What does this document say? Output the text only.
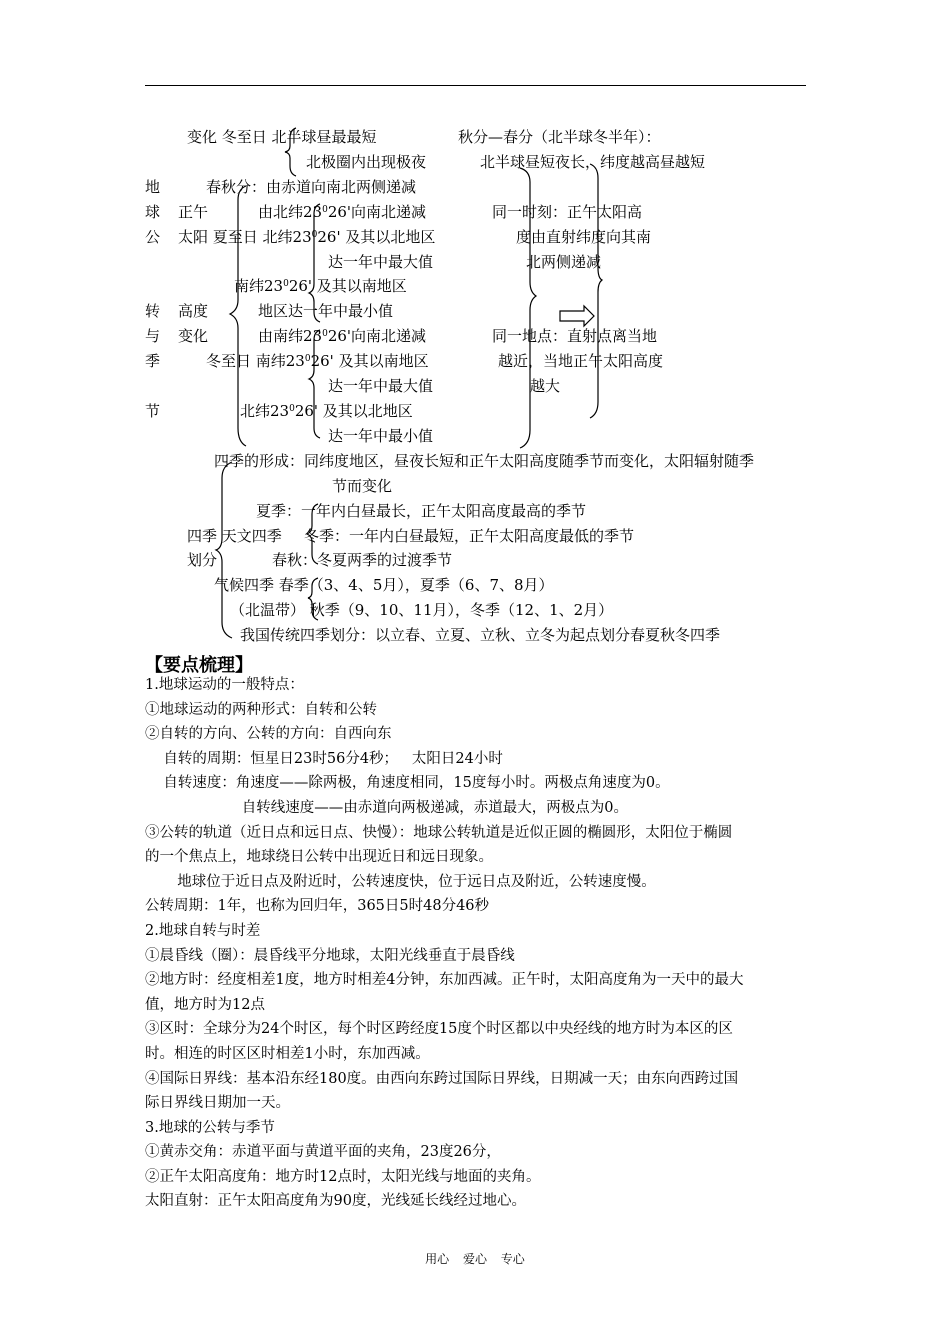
变化 冬至日 北半球昼最最短	秋分—春分（北半球冬半年）：
北极圈内出现极夜	北半球昼短夜长，纬度越高昼越短
地	春秋分：由赤道向南北两侧递减
球 正午	由北纬$23^026'$向南北递减	同一时刻：正午太阳高
公 太阳 夏至日 北纬$23^026'$ 及其以北地区	度由直射纬度向其南
达一年中最大值	北两侧递减
南纬$23^026'$ 及其以南地区
转 高度	地区达一年中最小值
与 变化	由南纬$23^026'$向南北递减	同一地点：直射点离当地
季	冬至日 南纬$23^026'$ 及其以南地区	越近，当地正午太阳高度
达一年中最大值	越大
节	北纬$23^026'$ 及其以北地区
达一年中最小值
四季的形成：同纬度地区，昼夜长短和正午太阳高度随季节而变化，太阳辐射随季
节而变化
夏季：一年内白昼最长，正午太阳高度最高的季节
四季 天文四季 冬季：一年内白昼最短，正午太阳高度最低的季节
划分	春秋：冬夏两季的过渡季节
气候四季 春季（3、4、5月），夏季（6、7、8月）
（北温带） 秋季（9、10、11月），冬季（12、1、2月）
我国传统四季划分：以立春、立夏、立秋、立冬为起点划分春夏秋冬四季
【要点梳理】
1.地球运动的一般特点：
①地球运动的两种形式：自转和公转
②自转的方向、公转的方向：自西向东
自转的周期：恒星日23时56分4秒；   太阳日24小时
自转速度：角速度——除两极，角速度相同，15度每小时。两极点角速度为0。
自转线速度——由赤道向两极递减，赤道最大，两极点为0。
③公转的轨道（近日点和远日点、快慢）：地球公转轨道是近似正圆的椭圆形，太阳位于椭圆
的一个焦点上，地球绕日公转中出现近日和远日现象。
地球位于近日点及附近时，公转速度快，位于远日点及附近，公转速度慢。
公转周期：1年，也称为回归年，365日5时48分46秒
2.地球自转与时差
①晨昏线（圈）：晨昏线平分地球，太阳光线垂直于晨昏线
②地方时：经度相差1度，地方时相差4分钟，东加西减。正午时，太阳高度角为一天中的最大
值，地方时为12点
③区时：全球分为24个时区，每个时区跨经度15度个时区都以中央经线的地方时为本区的区
时。相连的时区区时相差1小时，东加西减。
④国际日界线：基本沿东经180度。由西向东跨过国际日界线，日期减一天；由东向西跨过国
际日界线日期加一天。
3.地球的公转与季节
①黄赤交角：赤道平面与黄道平面的夹角，23度26分，
②正午太阳高度角：地方时12点时，太阳光线与地面的夹角。
太阳直射：正午太阳高度角为90度，光线延长线经过地心。
用心 爱心 专心
